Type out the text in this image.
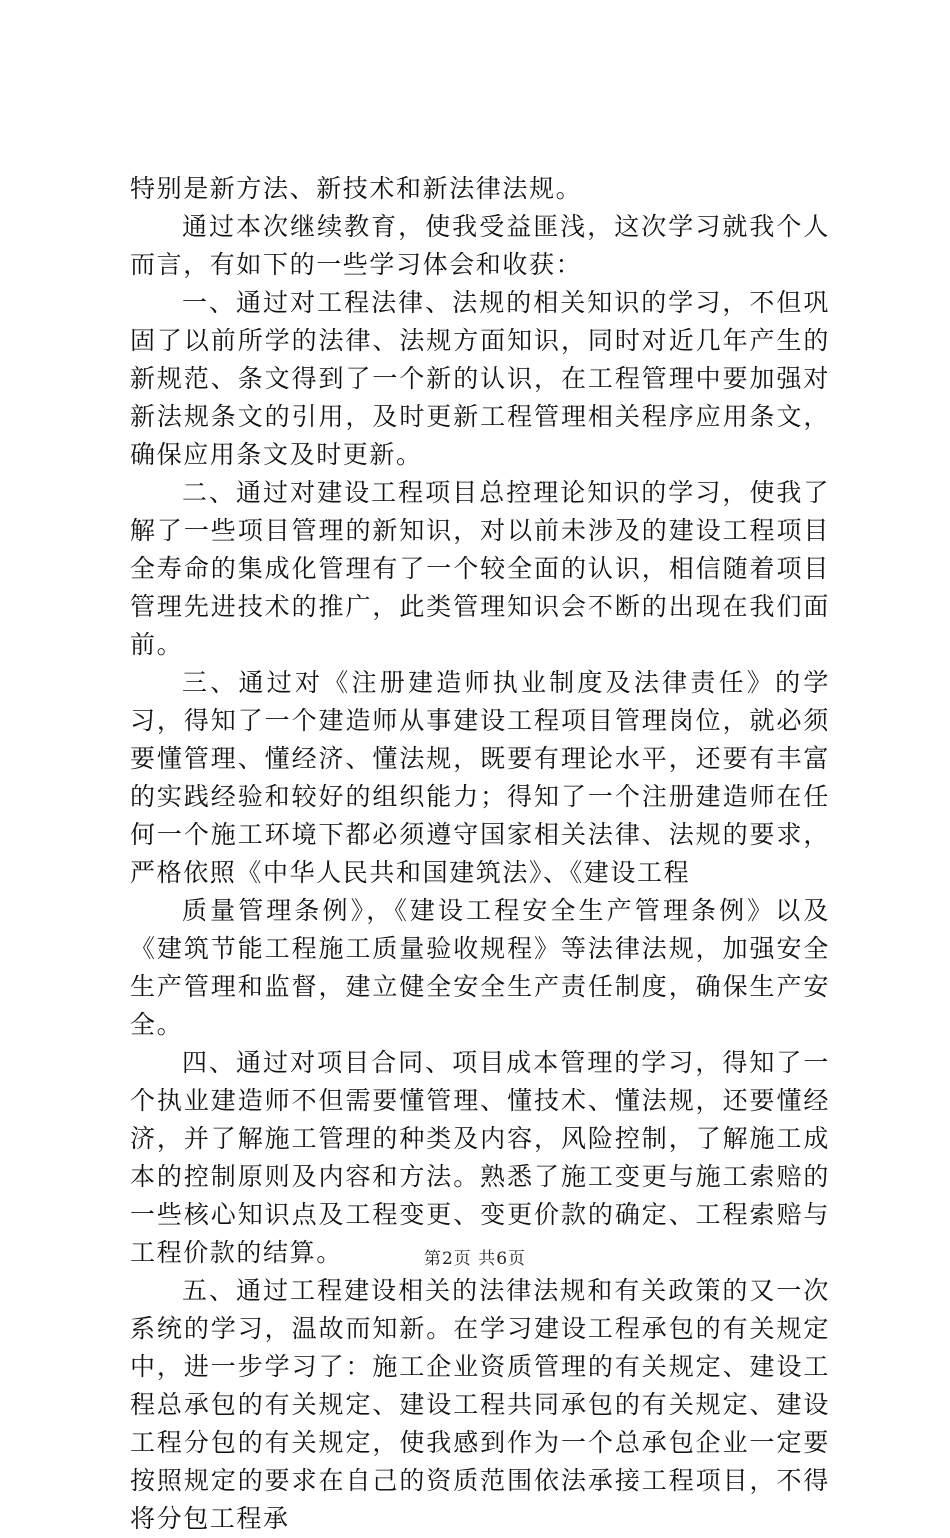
特别是新方法、新技术和新法律法规。

通过本次继续教育，使我受益匪浅，这次学习就我个人而言，有如下的一些学习体会和收获：

一、通过对工程法律、法规的相关知识的学习，不但巩固了以前所学的法律、法规方面知识，同时对近几年产生的新规范、条文得到了一个新的认识，在工程管理中要加强对新法规条文的引用，及时更新工程管理相关程序应用条文，确保应用条文及时更新。

二、通过对建设工程项目总控理论知识的学习，使我了解了一些项目管理的新知识，对以前未涉及的建设工程项目全寿命的集成化管理有了一个较全面的认识，相信随着项目管理先进技术的推广，此类管理知识会不断的出现在我们面前。

三、通过对《注册建造师执业制度及法律责任》的学习，得知了一个建造师从事建设工程项目管理岗位，就必须要懂管理、懂经济、懂法规，既要有理论水平，还要有丰富的实践经验和较好的组织能力；得知了一个注册建造师在任何一个施工环境下都必须遵守国家相关法律、法规的要求，严格依照《中华人民共和国建筑法》、《建设工程

质量管理条例》，《建设工程安全生产管理条例》以及《建筑节能工程施工质量验收规程》等法律法规，加强安全生产管理和监督，建立健全安全生产责任制度，确保生产安全。

四、通过对项目合同、项目成本管理的学习，得知了一个执业建造师不但需要懂管理、懂技术、懂法规，还要懂经济，并了解施工管理的种类及内容，风险控制，了解施工成本的控制原则及内容和方法。熟悉了施工变更与施工索赔的一些核心知识点及工程变更、变更价款的确定、工程索赔与工程价款的结算。

五、通过工程建设相关的法律法规和有关政策的又一次系统的学习，温故而知新。在学习建设工程承包的有关规定中，进一步学习了：施工企业资质管理的有关规定、建设工程总承包的有关规定、建设工程共同承包的有关规定、建设工程分包的有关规定，使我感到作为一个总承包企业一定要按照规定的要求在自己的资质范围依法承接工程项目，不得将分包工程承

第2页 共6页
